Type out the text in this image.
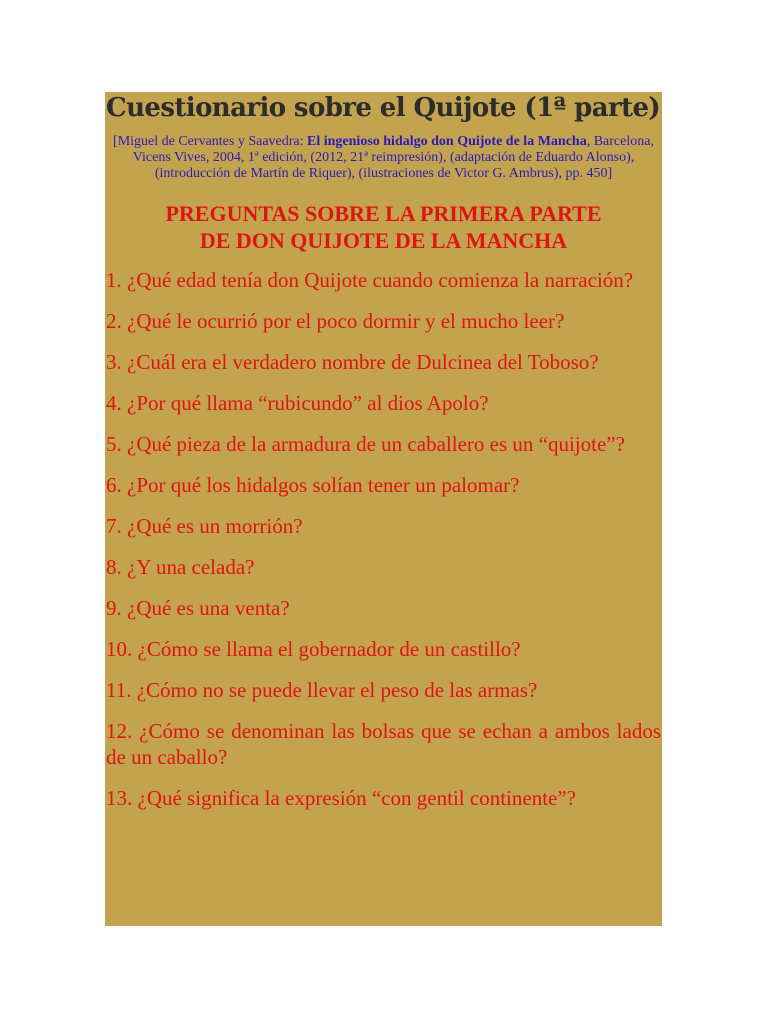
Cuestionario sobre el Quijote (1ª parte)

[Miguel de Cervantes y Saavedra: El ingenioso hidalgo don Quijote de la Mancha, Barcelona, Vicens Vives, 2004, 1ª edición, (2012, 21ª reimpresión), (adaptación de Eduardo Alonso), (introducción de Martín de Riquer), (ilustraciones de Victor G. Ambrus), pp. 450]

PREGUNTAS SOBRE LA PRIMERA PARTE
DE DON QUIJOTE DE LA MANCHA
1. ¿Qué edad tenía don Quijote cuando comienza la narración?
2. ¿Qué le ocurrió por el poco dormir y el mucho leer?
3. ¿Cuál era el verdadero nombre de Dulcinea del Toboso?
4. ¿Por qué llama “rubicundo” al dios Apolo?
5. ¿Qué pieza de la armadura de un caballero es un “quijote”?
6. ¿Por qué los hidalgos solían tener un palomar?
7. ¿Qué es un morrión?
8. ¿Y una celada?
9. ¿Qué es una venta?
10. ¿Cómo se llama el gobernador de un castillo?
11. ¿Cómo no se puede llevar el peso de las armas?
12. ¿Cómo se denominan las bolsas que se echan a ambos lados de un caballo?
13. ¿Qué significa la expresión “con gentil continente”?
